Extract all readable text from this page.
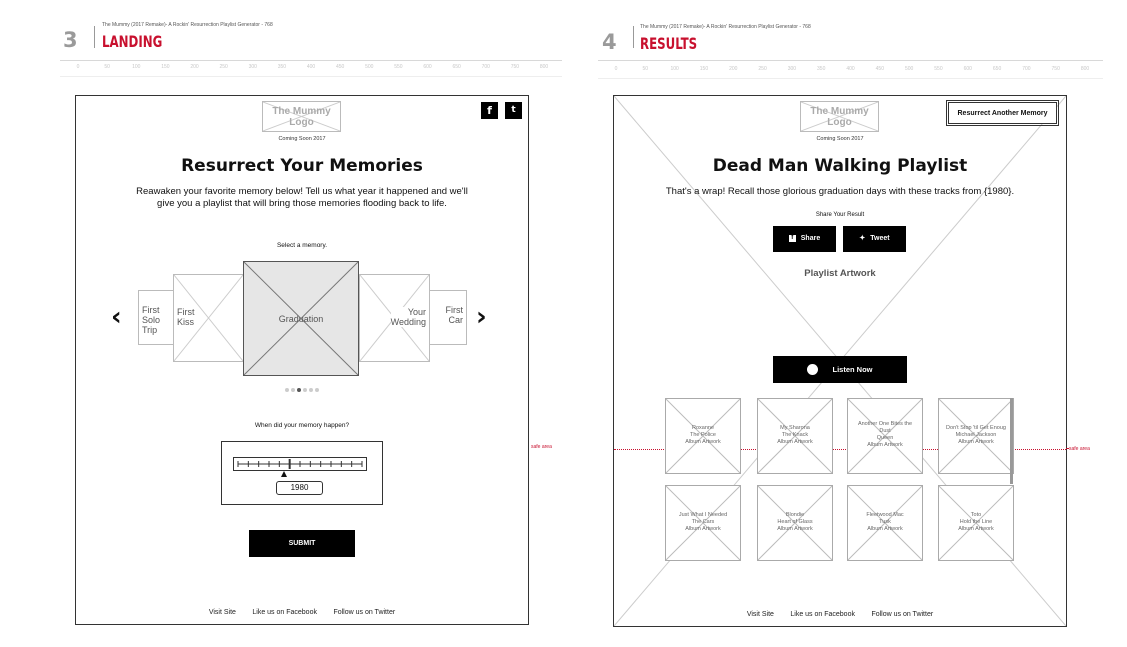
3
The Mummy (2017 Remake)- A Rockin' Resurrection Playlist Generator - 768
LANDING
0	50	100	150	200	250	300	350	400	450	500	550	600	650	700	750	800
safe area
The Mummy
Logo
Coming Soon 2017
f	t
Resurrect Your Memories
Reawaken your favorite memory below! Tell us what year it happened and we'll give you a playlist that will bring those memories flooding back to life.
Select a memory.
‹	›
First
Solo
Trip
First
Kiss
Your
Wedding
First
Car
Graduation
When did your memory happen?
1980
SUBMIT
Visit Site Like us on Facebook Follow us on Twitter
4
The Mummy (2017 Remake)- A Rockin' Resurrection Playlist Generator - 768
RESULTS
0	50	100	150	200	250	300	350	400	450	500	550	600	650	700	750	800
The Mummy
Logo
Coming Soon 2017
Resurrect Another Memory
Dead Man Walking Playlist
That's a wrap! Recall those glorious graduation days with these tracks from {1980}.
Share Your Result
f Share	✦ Tweet
Playlist Artwork
Listen Now
Roxanne
The Police
Album Artwork
My Sharona
The Knack
Album Artwork
Another One Bites the
Dust
Queen
Album Artwork
Don't Stop 'til Get Enoug
Michael Jackson
Album Artwork
Just What I Needed
The Cars
Album Artwork
Blondie
Heart of Glass
Album Artwork
Fleetwood Mac
Tusk
Album Artwork
Toto
Hold the Line
Album Artwork
Visit Site Like us on Facebook Follow us on Twitter
safe area
